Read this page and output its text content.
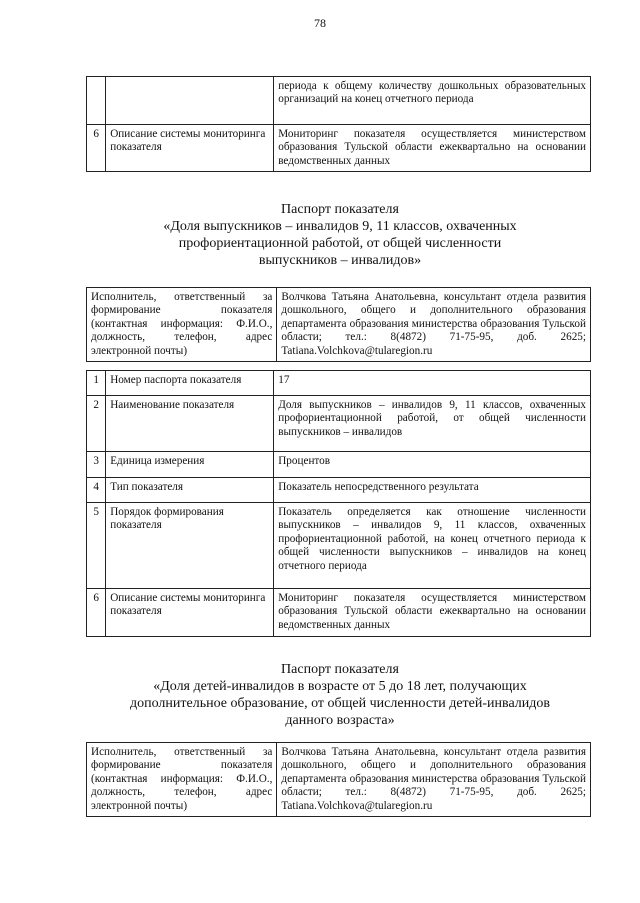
78
		периода к общему количеству дошкольных образовательных организаций на конец отчетного периода
6	Описание системы мониторинга показателя	Мониторинг показателя осуществляется министерством образования Тульской области ежеквартально на основании ведомственных данных
Паспорт показателя
«Доля выпускников – инвалидов 9, 11 классов, охваченных
профориентационной работой, от общей численности
выпускников – инвалидов»
Исполнитель, ответственный за формирование показателя (контактная информация: Ф.И.О., должность, телефон, адрес электронной почты)	Волчкова Татьяна Анатольевна, консультант отдела развития дошкольного, общего и дополнительного образования департамента образования министерства образования Тульской области; тел.: 8(4872) 71-75-95, доб. 2625; Tatiana.Volchkova@tularegion.ru
1	Номер паспорта показателя	17
2	Наименование показателя	Доля выпускников – инвалидов 9, 11 классов, охваченных профориентационной работой, от общей численности выпускников – инвалидов
3	Единица измерения	Процентов
4	Тип показателя	Показатель непосредственного результата
5	Порядок формирования показателя	Показатель определяется как отношение численности выпускников – инвалидов 9, 11 классов, охваченных профориентационной работой, на конец отчетного периода к общей численности выпускников – инвалидов на конец отчетного периода
6	Описание системы мониторинга показателя	Мониторинг показателя осуществляется министерством образования Тульской области ежеквартально на основании ведомственных данных
Паспорт показателя
«Доля детей-инвалидов в возрасте от 5 до 18 лет, получающих
дополнительное образование, от общей численности детей-инвалидов
данного возраста»
Исполнитель, ответственный за формирование показателя (контактная информация: Ф.И.О., должность, телефон, адрес электронной почты)	Волчкова Татьяна Анатольевна, консультант отдела развития дошкольного, общего и дополнительного образования департамента образования министерства образования Тульской области; тел.: 8(4872) 71-75-95, доб. 2625; Tatiana.Volchkova@tularegion.ru
